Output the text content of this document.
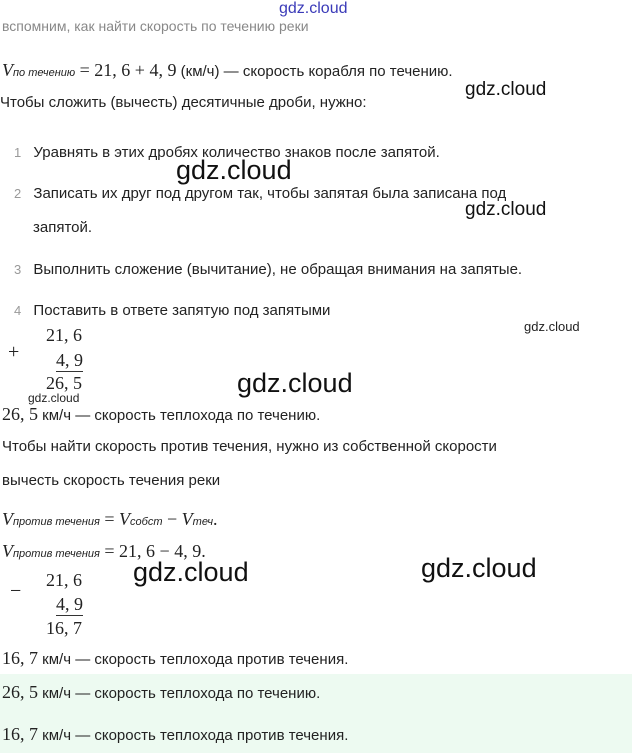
gdz.cloud
вспомним, как найти скорость по течению реки
Vпо течению = 21, 6 + 4, 9 (км/ч) — скорость корабля по течению.
Чтобы сложить (вычесть) десятичные дроби, нужно:
gdz.cloud
1 Уравнять в этих дробях количество знаков после запятой.
gdz.cloud
2 Записать их друг под другом так, чтобы запятая была записана под
gdz.cloud
запятой.
3 Выполнить сложение (вычитание), не обращая внимания на запятые.
4 Поставить в ответе запятую под запятыми
gdz.cloud
+
21, 6
4, 9
26, 5	gdz.cloud
gdz.cloud
26, 5 км/ч — скорость теплохода по течению.
Чтобы найти скорость против течения, нужно из собственной скорости
вычесть скорость течения реки
Vпротив течения = Vсобст − Vтеч.
Vпротив течения = 21, 6 − 4, 9.
− 21, 6
4, 9
16, 7
gdz.cloud	gdz.cloud
16, 7 км/ч — скорость теплохода против течения.
26, 5 км/ч — скорость теплохода по течению.
16, 7 км/ч — скорость теплохода против течения.
